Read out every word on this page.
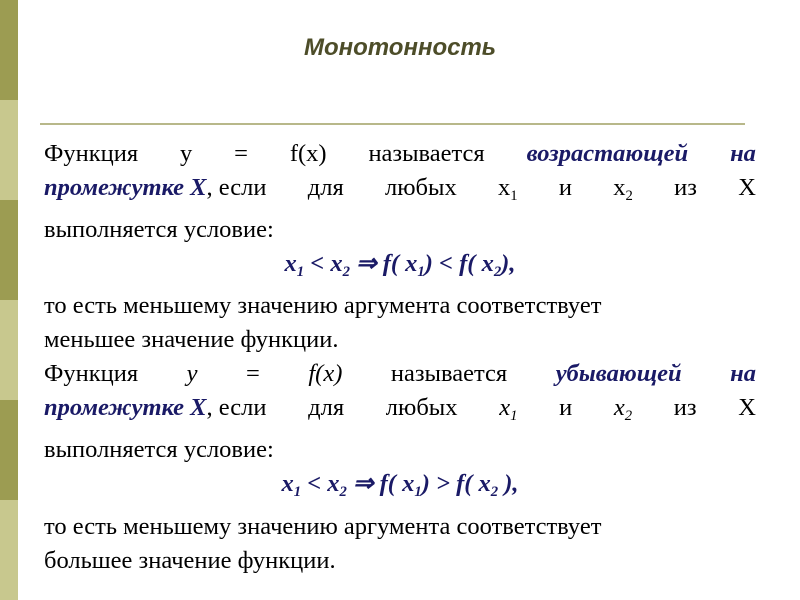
Монотонность
Функция y = f(x) называется возрастающей на
промежутке X, если для любых $x_1$ и $x_2$ из X
выполняется условие:
$x_1 < x_2$ ⇒ f( $x_1) < f$( $x_2$),
то есть меньшему значению аргумента соответствует
меньшее значение функции.
Функция y = f(x) называется убывающей на
промежутке X, если для любых $x_1$ и $x_2$ из X
выполняется условие:
$x_1 < x_2$ ⇒ f( $x_1) > f$( $x_2$ ),
то есть меньшему значению аргумента соответствует
большее значение функции.
